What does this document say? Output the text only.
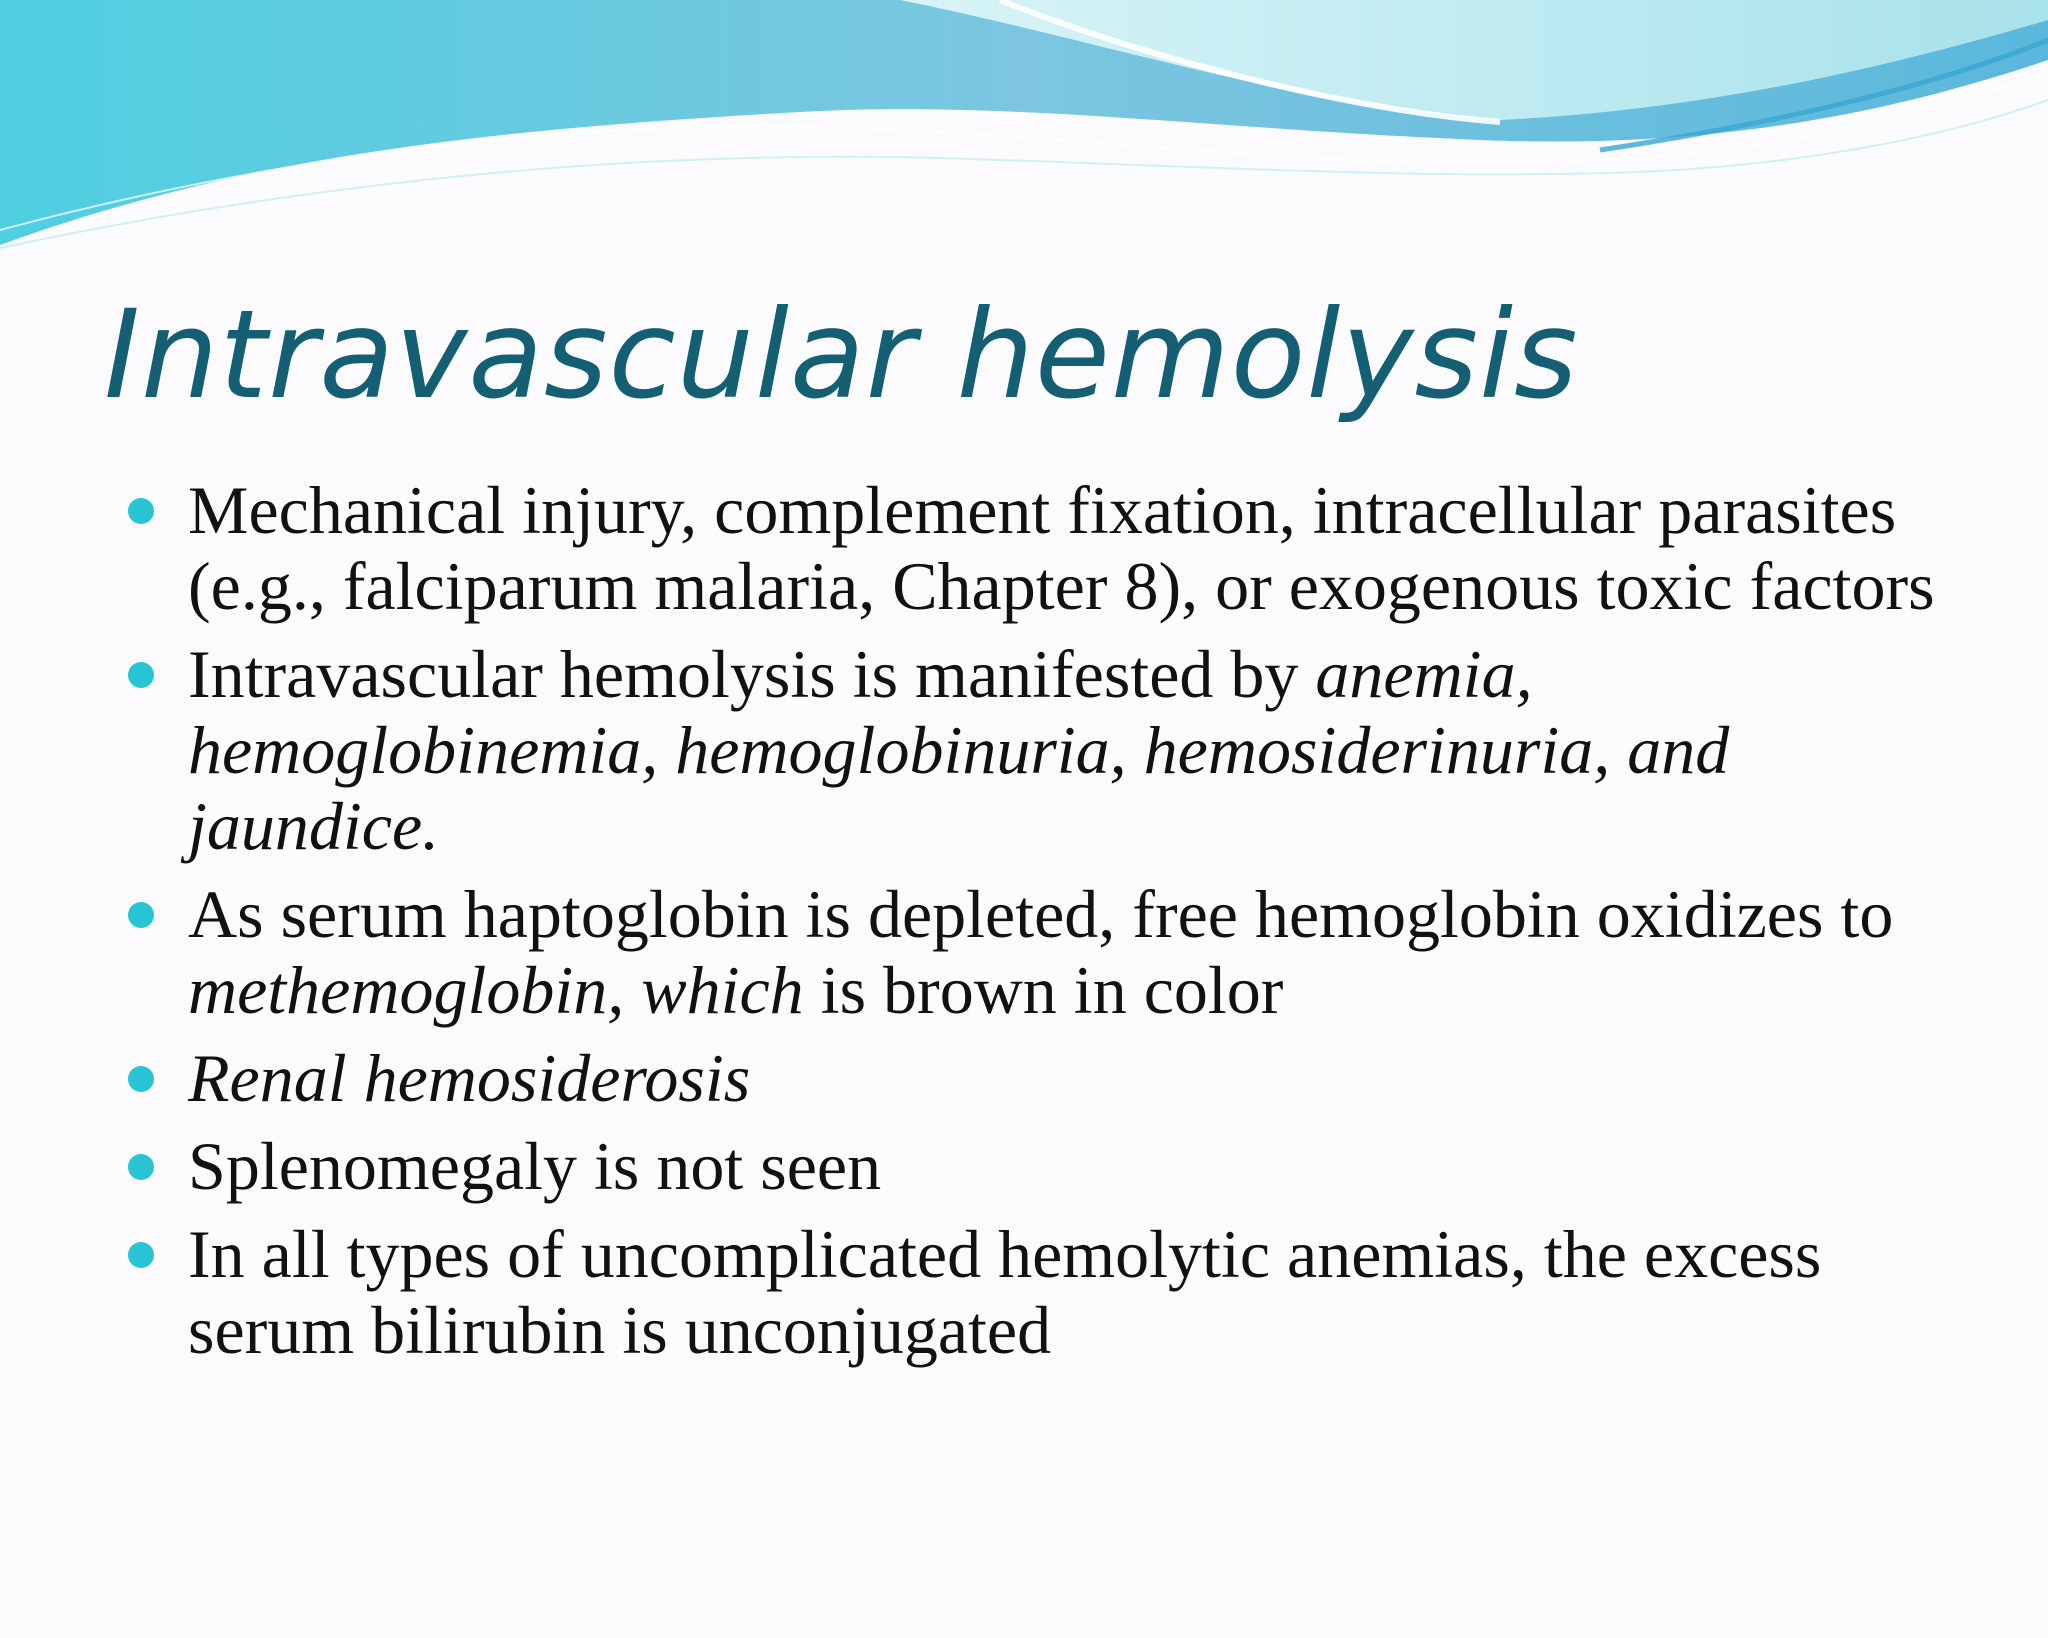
Intravascular hemolysis
Mechanical injury, complement fixation, intracellular parasites (e.g., falciparum malaria, Chapter 8), or exogenous toxic factors
Intravascular hemolysis is manifested by anemia, hemoglobinemia, hemoglobinuria, hemosiderinuria, and jaundice.
As serum haptoglobin is depleted, free hemoglobin oxidizes to methemoglobin, which is brown in color
Renal hemosiderosis
Splenomegaly is not seen
In all types of uncomplicated hemolytic anemias, the excess serum bilirubin is unconjugated
